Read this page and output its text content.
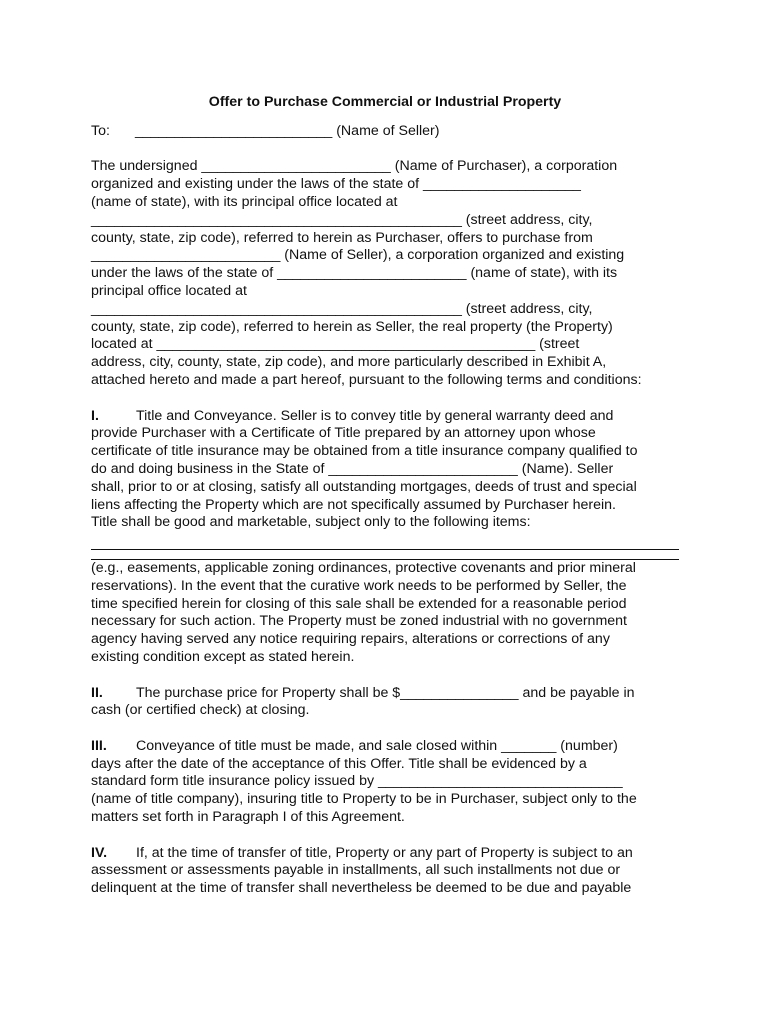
Offer to Purchase Commercial or Industrial Property
To:	_________________________ (Name of Seller)

The undersigned ________________________ (Name of Purchaser), a corporation

organized and existing under the laws of the state of ____________________

(name of state), with its principal office located at

_______________________________________________ (street address, city,

county, state, zip code), referred to herein as Purchaser, offers to purchase from

________________________ (Name of Seller), a corporation organized and existing

under the laws of the state of ________________________ (name of state), with its

principal office located at

_______________________________________________ (street address, city,

county, state, zip code), referred to herein as Seller, the real property (the Property)

located at ________________________________________________ (street

address, city, county, state, zip code), and more particularly described in Exhibit A,

attached hereto and made a part hereof, pursuant to the following terms and conditions:

I.	Title and Conveyance. Seller is to convey title by general warranty deed and

provide Purchaser with a Certificate of Title prepared by an attorney upon whose

certificate of title insurance may be obtained from a title insurance company qualified to

do and doing business in the State of ________________________ (Name). Seller

shall, prior to or at closing, satisfy all outstanding mortgages, deeds of trust and special

liens affecting the Property which are not specifically assumed by Purchaser herein.

Title shall be good and marketable, subject only to the following items:

(e.g., easements, applicable zoning ordinances, protective covenants and prior mineral

reservations). In the event that the curative work needs to be performed by Seller, the

time specified herein for closing of this sale shall be extended for a reasonable period

necessary for such action. The Property must be zoned industrial with no government

agency having served any notice requiring repairs, alterations or corrections of any

existing condition except as stated herein.

II. The purchase price for Property shall be $_______________ and be payable in

cash (or certified check) at closing.

III. Conveyance of title must be made, and sale closed within _______ (number)

days after the date of the acceptance of this Offer. Title shall be evidenced by a

standard form title insurance policy issued by _______________________________

(name of title company), insuring title to Property to be in Purchaser, subject only to the

matters set forth in Paragraph I of this Agreement.

IV. If, at the time of transfer of title, Property or any part of Property is subject to an

assessment or assessments payable in installments, all such installments not due or

delinquent at the time of transfer shall nevertheless be deemed to be due and payable
